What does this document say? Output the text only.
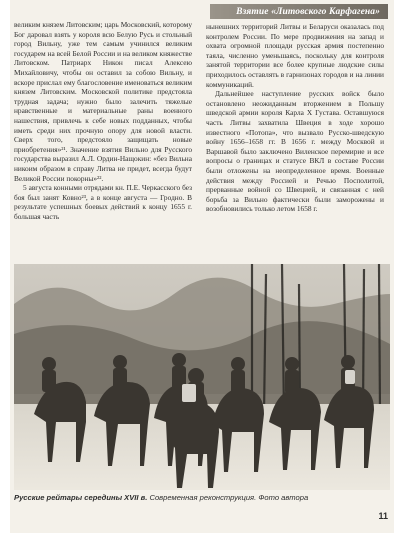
Взятие «Литовского Карфагена»

великим князем Литовским; царь Московский, которому Бог даровал взять у короля всю Белую Русь и стольный город Вильну, уже тем самым учинился великим государем на всей Белой России и на великом княжестве Литовском. Патриарх Никон писал Алексею Михайловичу, чтобы он оставил за собою Вильну, и вскоре прислал ему благословение именоваться великим князем Литовским. Московской политике предстояла трудная задача; нужно было залечить тяжелые нравственные и материальные раны военного нашествия, привлечь к себе новых подданных, чтобы иметь среди них прочную опору для новой власти. Сверх того, предстояло защищать новые приобретения»²¹. Значение взятия Вильно для Русского государства выразил А.Л. Ордин-Нащокин: «без Вильна никоим образом в справу Литва не придет, всегда будут Великой России покорны»²².

5 августа конными отрядами кн. П.Е. Черкасского без боя был занят Ковно²³, а в конце августа — Гродно. В результате успешных боевых действий к концу 1655 г. большая часть

нынешних территорий Литвы и Беларуси оказалась под контролем России. По мере продвижения на запад и охвата огромной площади русская армия постепенно таяла, численно уменьшаясь, поскольку для контроля занятой территории все более крупные людские силы приходилось оставлять в гарнизонах городов и на линии коммуникаций.

Дальнейшее наступление русских войск было остановлено неожиданным вторжением в Польшу шведской армии короля Карла X Густава. Оставшуюся часть Литвы захватила Швеция в ходе хорошо известного «Потопа», что вызвало Русско-шведскую войну 1656–1658 гг. В 1656 г. между Москвой и Варшавой было заключено Виленское перемирие и все вопросы о границах и статусе ВКЛ в составе России были отложены на неопределенное время. Военные действия между Россией и Речью Посполитой, прерванные войной со Швецией, и связанная с ней борьба за Вильно фактически были заморожены и возобновились только летом 1658 г.

Русские рейтары середины XVII в. Современная реконструкция. Фото автора
11
